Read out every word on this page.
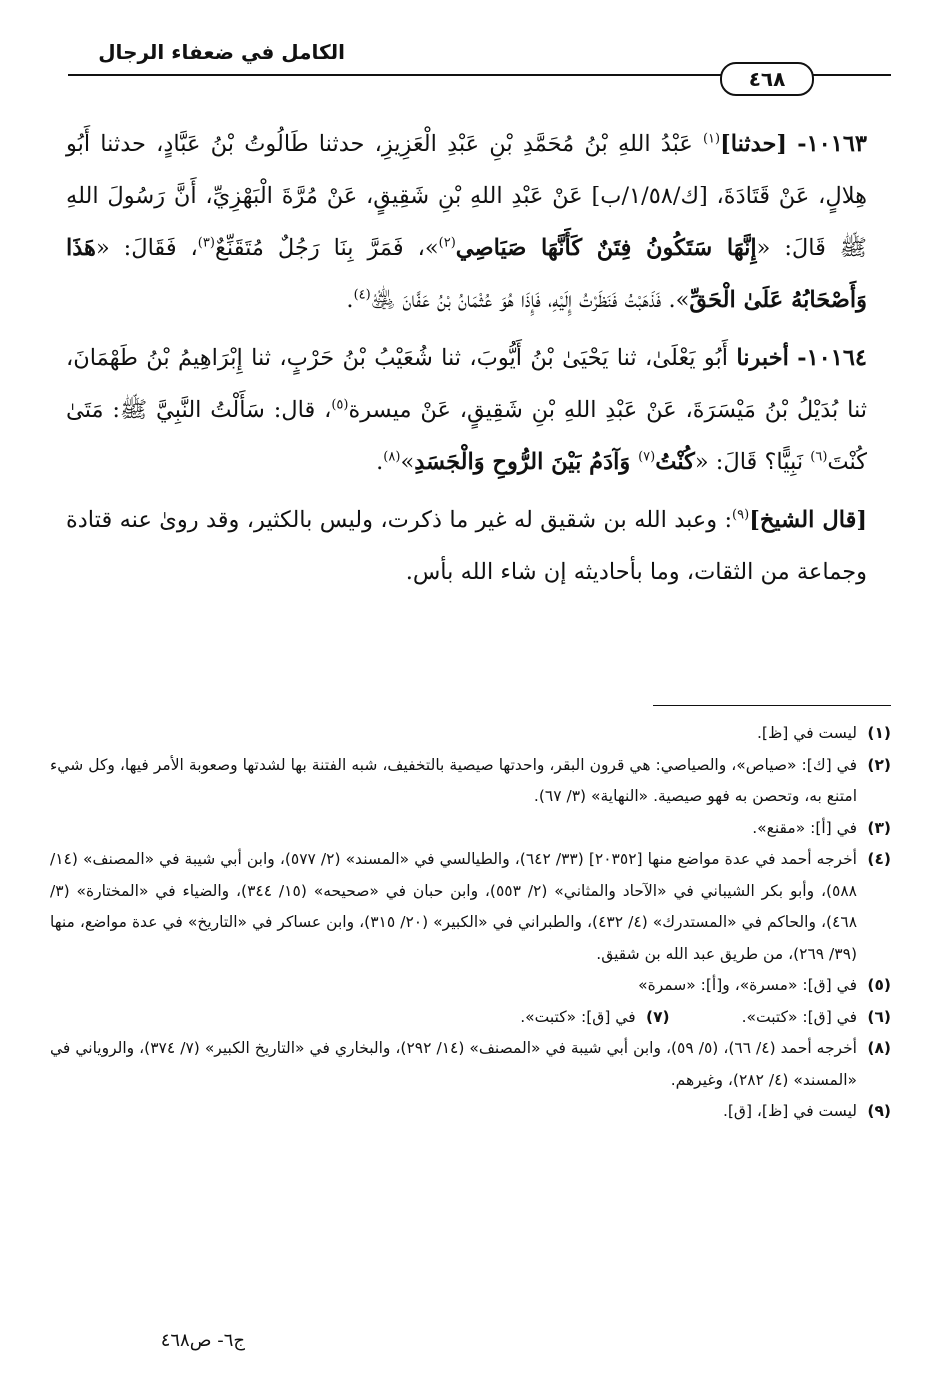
الكامل في ضعفاء الرجال
٤٦٨

١٠١٦٣- [حدثنا]$^{(١)}$ عَبْدُ اللهِ بْنُ مُحَمَّدِ بْنِ عَبْدِ الْعَزِيزِ، حدثنا طَالُوتُ بْنُ عَبَّادٍ، حدثنا أَبُو هِلالٍ، عَنْ قَتَادَةَ، [ك/١/٥٨/ب] عَنْ عَبْدِ اللهِ بْنِ شَقِيقٍ، عَنْ مُرَّةَ الْبَهْزِيِّ، أَنَّ رَسُولَ اللهِ ﷺ قَالَ: «إِنَّهَا سَتَكُونُ فِتَنٌ كَأَنَّهَا صَيَاصِي$^{(٢)}$»، فَمَرَّ بِنَا رَجُلٌ مُتَقَنِّعٌ$^{(٣)}$، فَقَالَ: «هَذَا وَأَصْحَابُهُ عَلَىٰ الْحَقِّ». فَذَهَبْتُ فَنَظَرْتُ إِلَيْهِ، فَإِذَا هُوَ عُثْمَانُ بْنُ عَفَّانَ ﵁$^{(٤)}$.

١٠١٦٤- أخبرنا أَبُو يَعْلَىٰ، ثنا يَحْيَىٰ بْنُ أَيُّوبَ، ثنا شُعَيْبُ بْنُ حَرْبٍ، ثنا إِبْرَاهِيمُ بْنُ طَهْمَانَ، ثنا بُدَيْلُ بْنُ مَيْسَرَةَ، عَنْ عَبْدِ اللهِ بْنِ شَقِيقٍ، عَنْ ميسرة$^{(٥)}$، قال: سَأَلْتُ النَّبِيَّ ﷺ: مَتَىٰ كُنْتَ$^{(٦)}$ نَبِيًّا؟ قَالَ: «كُنْتُ$^{(٧)}$ وَآدَمُ بَيْنَ الرُّوحِ وَالْجَسَدِ»$^{(٨)}$.

[قال الشيخ]$^{(٩)}$: وعبد الله بن شقيق له غير ما ذكرت، وليس بالكثير، وقد روىٰ عنه قتادة وجماعة من الثقات، وما بأحاديثه إن شاء الله بأس.

(١)
ليست في [ظ].
(٢)
في [ك]: «صياص»، والصياصي: هي قرون البقر، واحدتها صيصية بالتخفيف، شبه الفتنة بها لشدتها وصعوبة الأمر فيها، وكل شيء امتنع به، وتحصن به فهو صيصية. «النهاية» (٣/ ٦٧).
(٣)
في [أ]: «مقنع».
(٤)
أخرجه أحمد في عدة مواضع منها [٢٠٣٥٢] (٣٣/ ٦٤٢)، والطيالسي في «المسند» (٢/ ٥٧٧)، وابن أبي شيبة في «المصنف» (١٤/ ٥٨٨)، وأبو بكر الشيباني في «الآحاد والمثاني» (٢/ ٥٥٣)، وابن حبان في «صحيحه» (١٥/ ٣٤٤)، والضياء في «المختارة» (٣/ ٤٦٨)، والحاكم في «المستدرك» (٤/ ٤٣٢)، والطبراني في «الكبير» (٢٠/ ٣١٥)، وابن عساكر في «التاريخ» في عدة مواضع، منها (٣٩/ ٢٦٩)، من طريق عبد الله بن شقيق.
(٥)
في [ق]: «مسرة»، و[أ]: «سمرة»
(٦)
في [ق]: «كتبت».
(٧)
في [ق]: «كتبت».
(٨)
أخرجه أحمد (٤/ ٦٦)، (٥/ ٥٩)، وابن أبي شيبة في «المصنف» (١٤/ ٢٩٢)، والبخاري في «التاريخ الكبير» (٧/ ٣٧٤)، والروياني في «المسند» (٤/ ٢٨٢)، وغيرهم.
(٩)
ليست في [ظ]، [ق].
ج٦- ص٤٦٨
